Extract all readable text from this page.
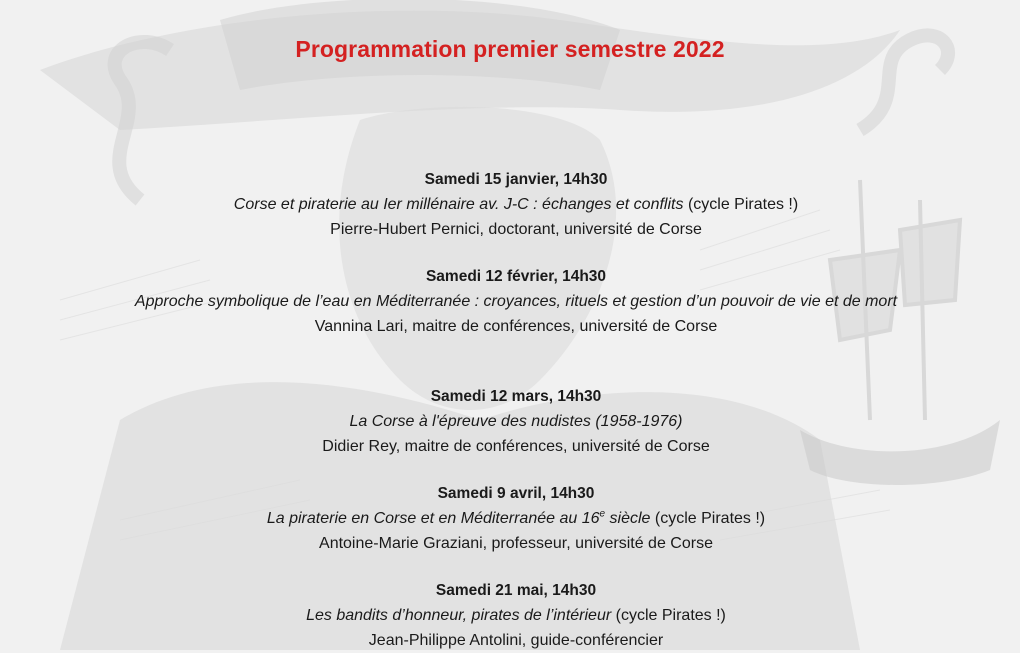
Programmation premier semestre 2022
Samedi 15 janvier, 14h30
Corse et piraterie au Ier millénaire av. J-C : échanges et conflits (cycle Pirates !)
Pierre-Hubert Pernici, doctorant, université de Corse
Samedi 12 février, 14h30
Approche symbolique de l’eau en Méditerranée : croyances, rituels et gestion d’un pouvoir de vie et de mort
Vannina Lari, maitre de conférences, université de Corse
Samedi 12 mars, 14h30
La Corse à l'épreuve des nudistes (1958-1976)
Didier Rey, maitre de conférences, université de Corse
Samedi 9 avril, 14h30
La piraterie en Corse et en Méditerranée au 16e siècle (cycle Pirates !)
Antoine-Marie Graziani, professeur, université de Corse
Samedi 21 mai, 14h30
Les bandits d’honneur, pirates de l’intérieur (cycle Pirates !)
Jean-Philippe Antolini, guide-conférencier
